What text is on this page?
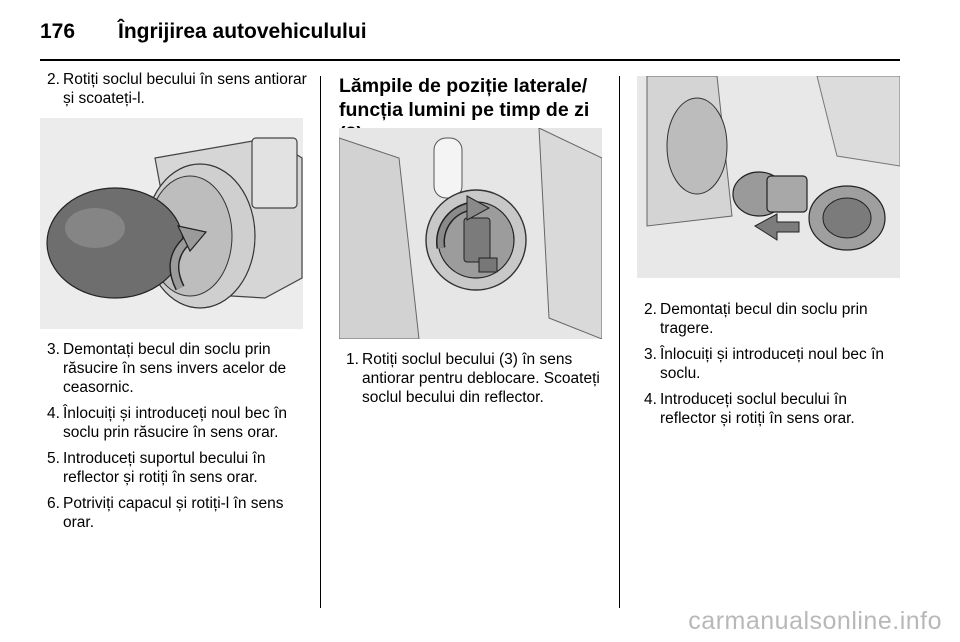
176 Îngrijirea autovehiculului
2. Rotiți soclul becului în sens antiorar și scoateți-l.
3. Demontați becul din soclu prin răsucire în sens invers acelor de ceasornic.
4. Înlocuiți și introduceți noul bec în soclu prin răsucire în sens orar.
5. Introduceți suportul becului în reflector și rotiți în sens orar.
6. Potriviți capacul și rotiți-l în sens orar.
Lămpile de poziție laterale/ funcția lumini pe timp de zi
1. Rotiți soclul becului (3) în sens antiorar pentru deblocare. Scoateți soclul becului din reflector.
2. Demontați becul din soclu prin tragere.
3. Înlocuiți și introduceți noul bec în soclu.
4. Introduceți soclul becului în reflector și rotiți în sens orar.
carmanualsonline.info
